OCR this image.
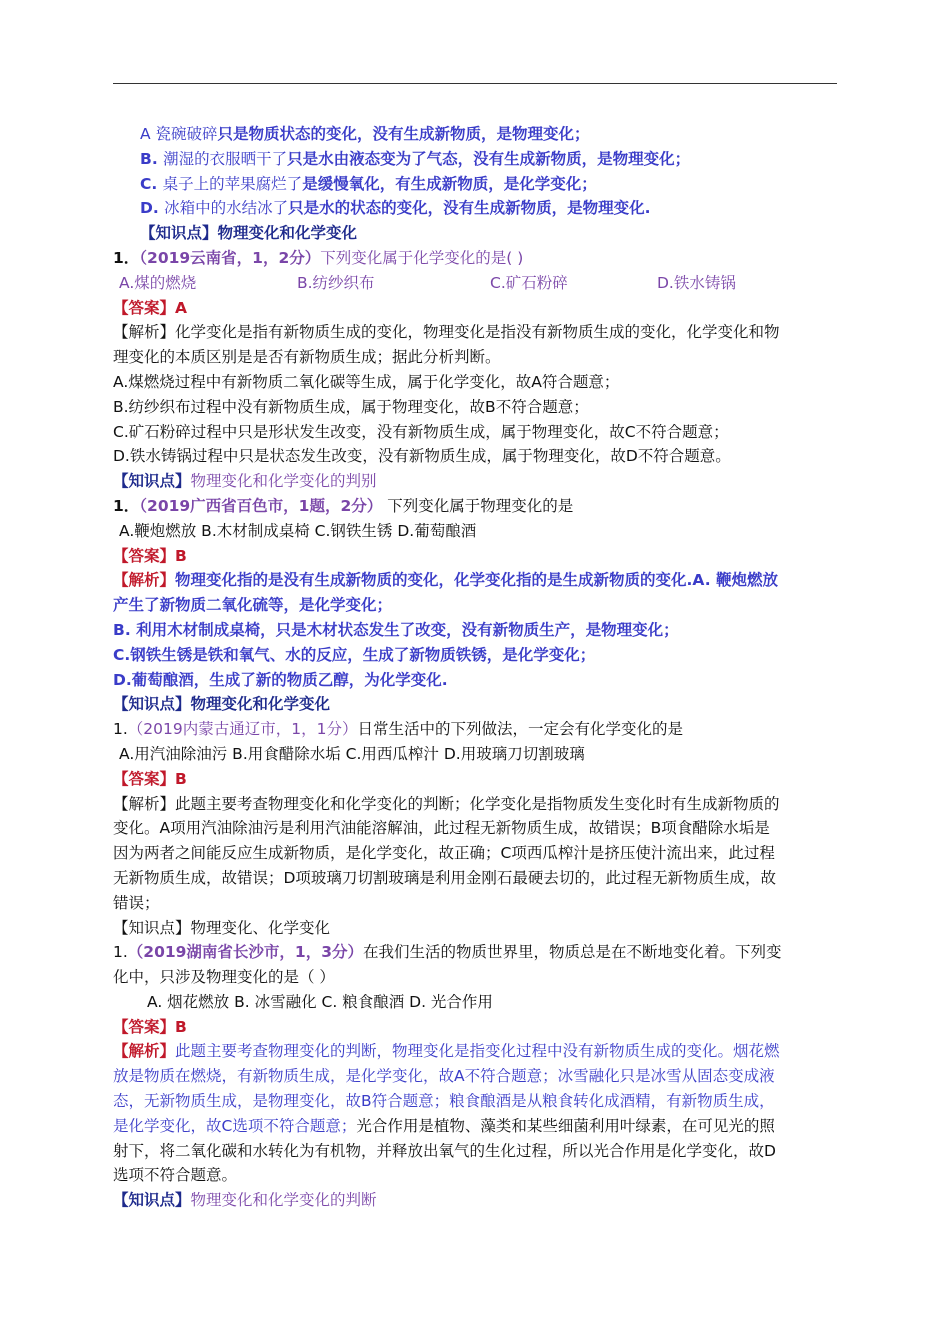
A 瓷碗破碎只是物质状态的变化，没有生成新物质，是物理变化；
B. 潮湿的衣服晒干了只是水由液态变为了气态，没有生成新物质，是物理变化；
C. 桌子上的苹果腐烂了是缓慢氧化，有生成新物质，是化学变化；
D. 冰箱中的水结冰了只是水的状态的变化，没有生成新物质，是物理变化.
【知识点】物理变化和化学变化
1．（2019云南省，1，2分）下列变化属于化学变化的是( )
A.煤的燃烧	B.纺纱织布	C.矿石粉碎	D.铁水铸锅
【答案】A
【解析】化学变化是指有新物质生成的变化，物理变化是指没有新物质生成的变化，化学变化和物
理变化的本质区别是是否有新物质生成；据此分析判断。
A.煤燃烧过程中有新物质二氧化碳等生成，属于化学变化，故A符合题意；
B.纺纱织布过程中没有新物质生成，属于物理变化，故B不符合题意；
C.矿石粉碎过程中只是形状发生改变，没有新物质生成，属于物理变化，故C不符合题意；
D.铁水铸锅过程中只是状态发生改变，没有新物质生成，属于物理变化，故D不符合题意。
【知识点】物理变化和化学变化的判别
1．（2019广西省百色市，1题，2分） 下列变化属于物理变化的是
A.鞭炮燃放 B.木材制成桌椅 C.钢铁生锈 D.葡萄酿酒
【答案】B
【解析】物理变化指的是没有生成新物质的变化，化学变化指的是生成新物质的变化.A. 鞭炮燃放
产生了新物质二氧化硫等，是化学变化；
B. 利用木材制成桌椅，只是木材状态发生了改变，没有新物质生产，是物理变化；
C.钢铁生锈是铁和氧气、水的反应，生成了新物质铁锈，是化学变化；
D.葡萄酿酒，生成了新的物质乙醇，为化学变化.
【知识点】物理变化和化学变化
1.（2019内蒙古通辽市，1，1分）日常生活中的下列做法，一定会有化学变化的是
A.用汽油除油污 B.用食醋除水垢 C.用西瓜榨汁 D.用玻璃刀切割玻璃
【答案】B
【解析】此题主要考查物理变化和化学变化的判断；化学变化是指物质发生变化时有生成新物质的
变化。A项用汽油除油污是利用汽油能溶解油，此过程无新物质生成，故错误；B项食醋除水垢是
因为两者之间能反应生成新物质，是化学变化，故正确；C项西瓜榨汁是挤压使汁流出来，此过程
无新物质生成，故错误；D项玻璃刀切割玻璃是利用金刚石最硬去切的，此过程无新物质生成，故
错误；
【知识点】物理变化、化学变化
1.（2019湖南省长沙市，1，3分）在我们生活的物质世界里，物质总是在不断地变化着。下列变
化中，只涉及物理变化的是（ ）
A. 烟花燃放 B. 冰雪融化 C. 粮食酿酒 D. 光合作用
【答案】B
【解析】此题主要考查物理变化的判断，物理变化是指变化过程中没有新物质生成的变化。烟花燃
放是物质在燃烧，有新物质生成，是化学变化，故A不符合题意；冰雪融化只是冰雪从固态变成液
态，无新物质生成，是物理变化，故B符合题意；粮食酿酒是从粮食转化成酒精，有新物质生成，
是化学变化，故C选项不符合题意；光合作用是植物、藻类和某些细菌利用叶绿素，在可见光的照
射下，将二氧化碳和水转化为有机物，并释放出氧气的生化过程，所以光合作用是化学变化，故D
选项不符合题意。
【知识点】物理变化和化学变化的判断
